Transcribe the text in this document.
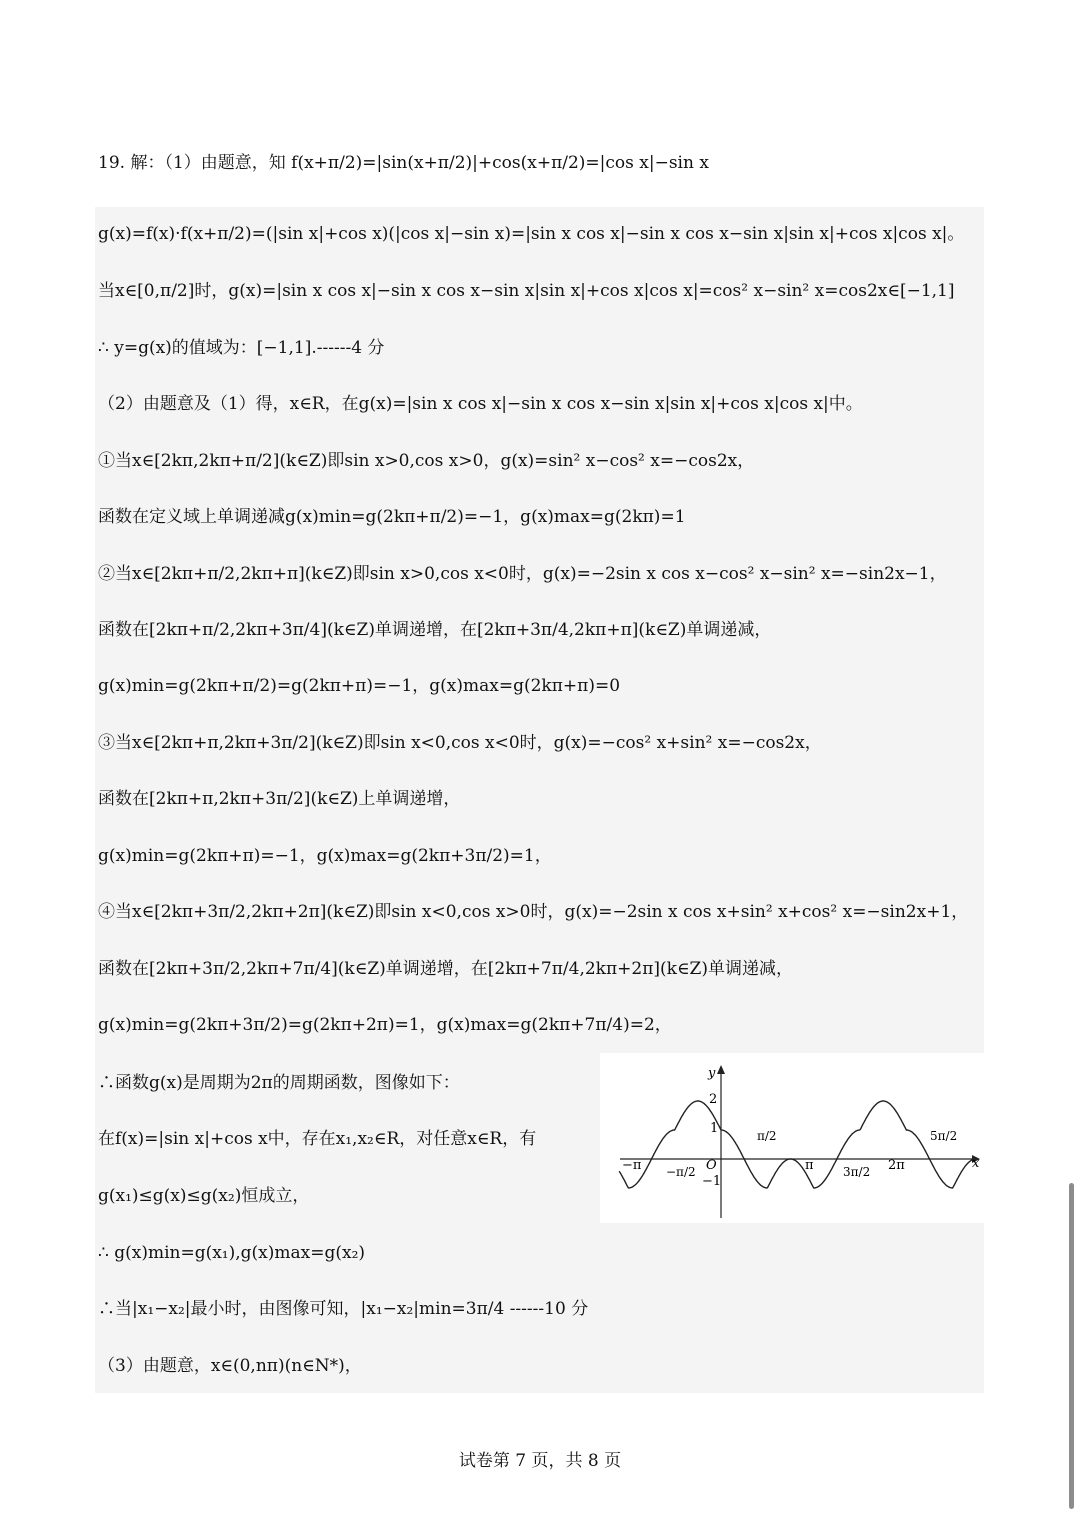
19. 解：（1）由题意，知 f(x+π/2)=|sin(x+π/2)|+cos(x+π/2)=|cos x|−sin x
g(x)=f(x)·f(x+π/2)=(|sin x|+cos x)(|cos x|−sin x)=|sin x cos x|−sin x cos x−sin x|sin x|+cos x|cos x|。
当x∈[0,π/2]时，g(x)=|sin x cos x|−sin x cos x−sin x|sin x|+cos x|cos x|=cos² x−sin² x=cos2x∈[−1,1]
∴ y=g(x)的值域为：[−1,1].------4 分
（2）由题意及（1）得，x∈R，在g(x)=|sin x cos x|−sin x cos x−sin x|sin x|+cos x|cos x|中。
①当x∈[2kπ,2kπ+π/2](k∈Z)即sin x>0,cos x>0，g(x)=sin² x−cos² x=−cos2x，
函数在定义域上单调递减g(x)min=g(2kπ+π/2)=−1，g(x)max=g(2kπ)=1
②当x∈[2kπ+π/2,2kπ+π](k∈Z)即sin x>0,cos x<0时，g(x)=−2sin x cos x−cos² x−sin² x=−sin2x−1，
函数在[2kπ+π/2,2kπ+3π/4](k∈Z)单调递增，在[2kπ+3π/4,2kπ+π](k∈Z)单调递减，
g(x)min=g(2kπ+π/2)=g(2kπ+π)=−1，g(x)max=g(2kπ+π)=0
③当x∈[2kπ+π,2kπ+3π/2](k∈Z)即sin x<0,cos x<0时，g(x)=−cos² x+sin² x=−cos2x，
函数在[2kπ+π,2kπ+3π/2](k∈Z)上单调递增，
g(x)min=g(2kπ+π)=−1，g(x)max=g(2kπ+3π/2)=1，
④当x∈[2kπ+3π/2,2kπ+2π](k∈Z)即sin x<0,cos x>0时，g(x)=−2sin x cos x+sin² x+cos² x=−sin2x+1，
函数在[2kπ+3π/2,2kπ+7π/4](k∈Z)单调递增，在[2kπ+7π/4,2kπ+2π](k∈Z)单调递减，
g(x)min=g(2kπ+3π/2)=g(2kπ+2π)=1，g(x)max=g(2kπ+7π/4)=2，
∴函数g(x)是周期为2π的周期函数，图像如下：
在f(x)=|sin x|+cos x中，存在x₁,x₂∈R，对任意x∈R，有
g(x₁)≤g(x)≤g(x₂)恒成立，
∴ g(x)min=g(x₁),g(x)max=g(x₂)
∴当|x₁−x₂|最小时，由图像可知，|x₁−x₂|min=3π/4 ------10 分
（3）由题意，x∈(0,nπ)(n∈N*)，
y
x
O
2
1
−1
−π −π/2
π/2
π 3π/2 2π
5π/2
试卷第 7 页，共 8 页
